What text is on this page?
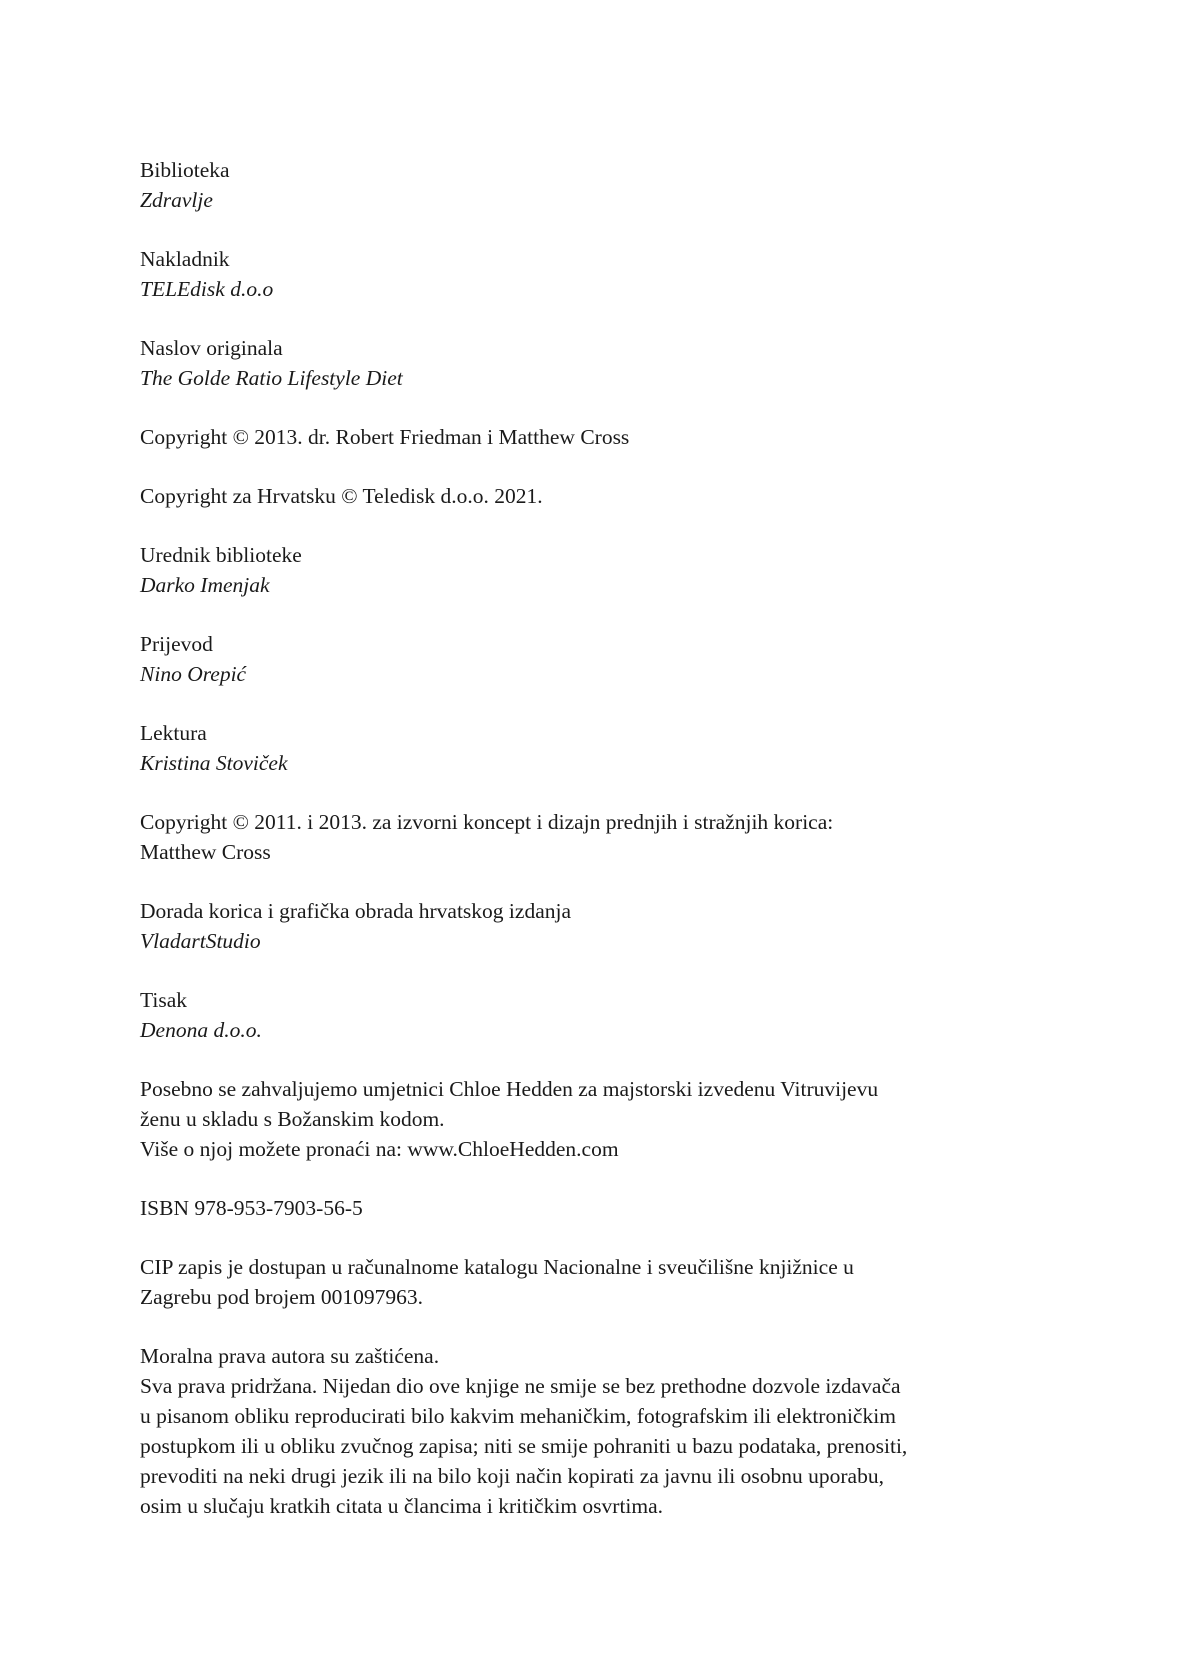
Biblioteka
Zdravlje
Nakladnik
TELEdisk d.o.o
Naslov originala
The Golde Ratio Lifestyle Diet
Copyright © 2013. dr. Robert Friedman i Matthew Cross
Copyright za Hrvatsku © Teledisk d.o.o. 2021.
Urednik biblioteke
Darko Imenjak
Prijevod
Nino Orepić
Lektura
Kristina Stoviček
Copyright © 2011. i 2013. za izvorni koncept i dizajn prednjih i stražnjih korica:
Matthew Cross
Dorada korica i grafička obrada hrvatskog izdanja
VladartStudio
Tisak
Denona d.o.o.
Posebno se zahvaljujemo umjetnici Chloe Hedden za majstorski izvedenu Vitruvijevu
ženu u skladu s Božanskim kodom.
Više o njoj možete pronaći na: www.ChloeHedden.com
ISBN 978-953-7903-56-5
CIP zapis je dostupan u računalnome katalogu Nacionalne i sveučilišne knjižnice u
Zagrebu pod brojem 001097963.
Moralna prava autora su zaštićena.
Sva prava pridržana. Nijedan dio ove knjige ne smije se bez prethodne dozvole izdavača
u pisanom obliku reproducirati bilo kakvim mehaničkim, fotografskim ili elektroničkim
postupkom ili u obliku zvučnog zapisa; niti se smije pohraniti u bazu podataka, prenositi,
prevoditi na neki drugi jezik ili na bilo koji način kopirati za javnu ili osobnu uporabu,
osim u slučaju kratkih citata u člancima i kritičkim osvrtima.
